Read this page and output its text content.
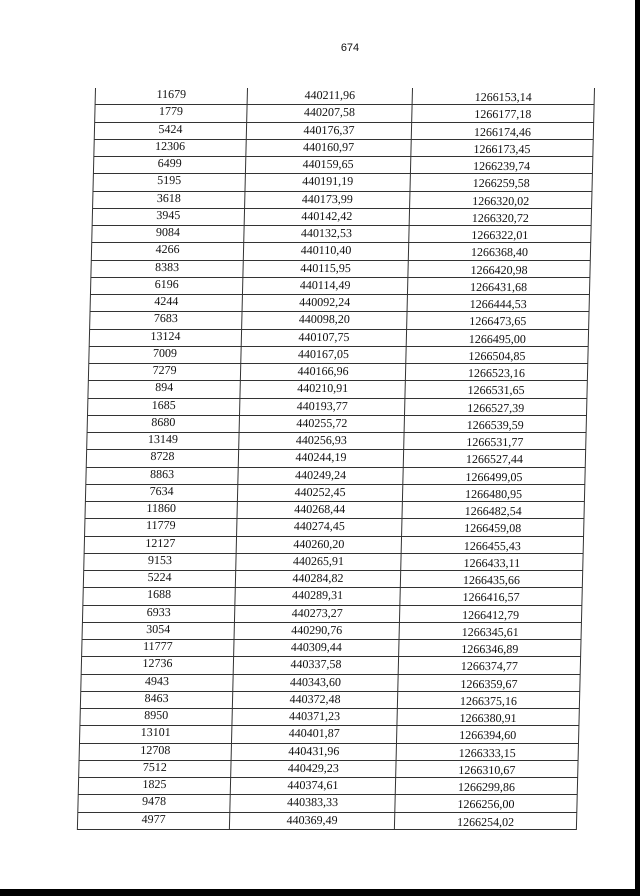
674
11679	440211,96	1266153,14
1779	440207,58	1266177,18
5424	440176,37	1266174,46
12306	440160,97	1266173,45
6499	440159,65	1266239,74
5195	440191,19	1266259,58
3618	440173,99	1266320,02
3945	440142,42	1266320,72
9084	440132,53	1266322,01
4266	440110,40	1266368,40
8383	440115,95	1266420,98
6196	440114,49	1266431,68
4244	440092,24	1266444,53
7683	440098,20	1266473,65
13124	440107,75	1266495,00
7009	440167,05	1266504,85
7279	440166,96	1266523,16
894	440210,91	1266531,65
1685	440193,77	1266527,39
8680	440255,72	1266539,59
13149	440256,93	1266531,77
8728	440244,19	1266527,44
8863	440249,24	1266499,05
7634	440252,45	1266480,95
11860	440268,44	1266482,54
11779	440274,45	1266459,08
12127	440260,20	1266455,43
9153	440265,91	1266433,11
5224	440284,82	1266435,66
1688	440289,31	1266416,57
6933	440273,27	1266412,79
3054	440290,76	1266345,61
11777	440309,44	1266346,89
12736	440337,58	1266374,77
4943	440343,60	1266359,67
8463	440372,48	1266375,16
8950	440371,23	1266380,91
13101	440401,87	1266394,60
12708	440431,96	1266333,15
7512	440429,23	1266310,67
1825	440374,61	1266299,86
9478	440383,33	1266256,00
4977	440369,49	1266254,02
